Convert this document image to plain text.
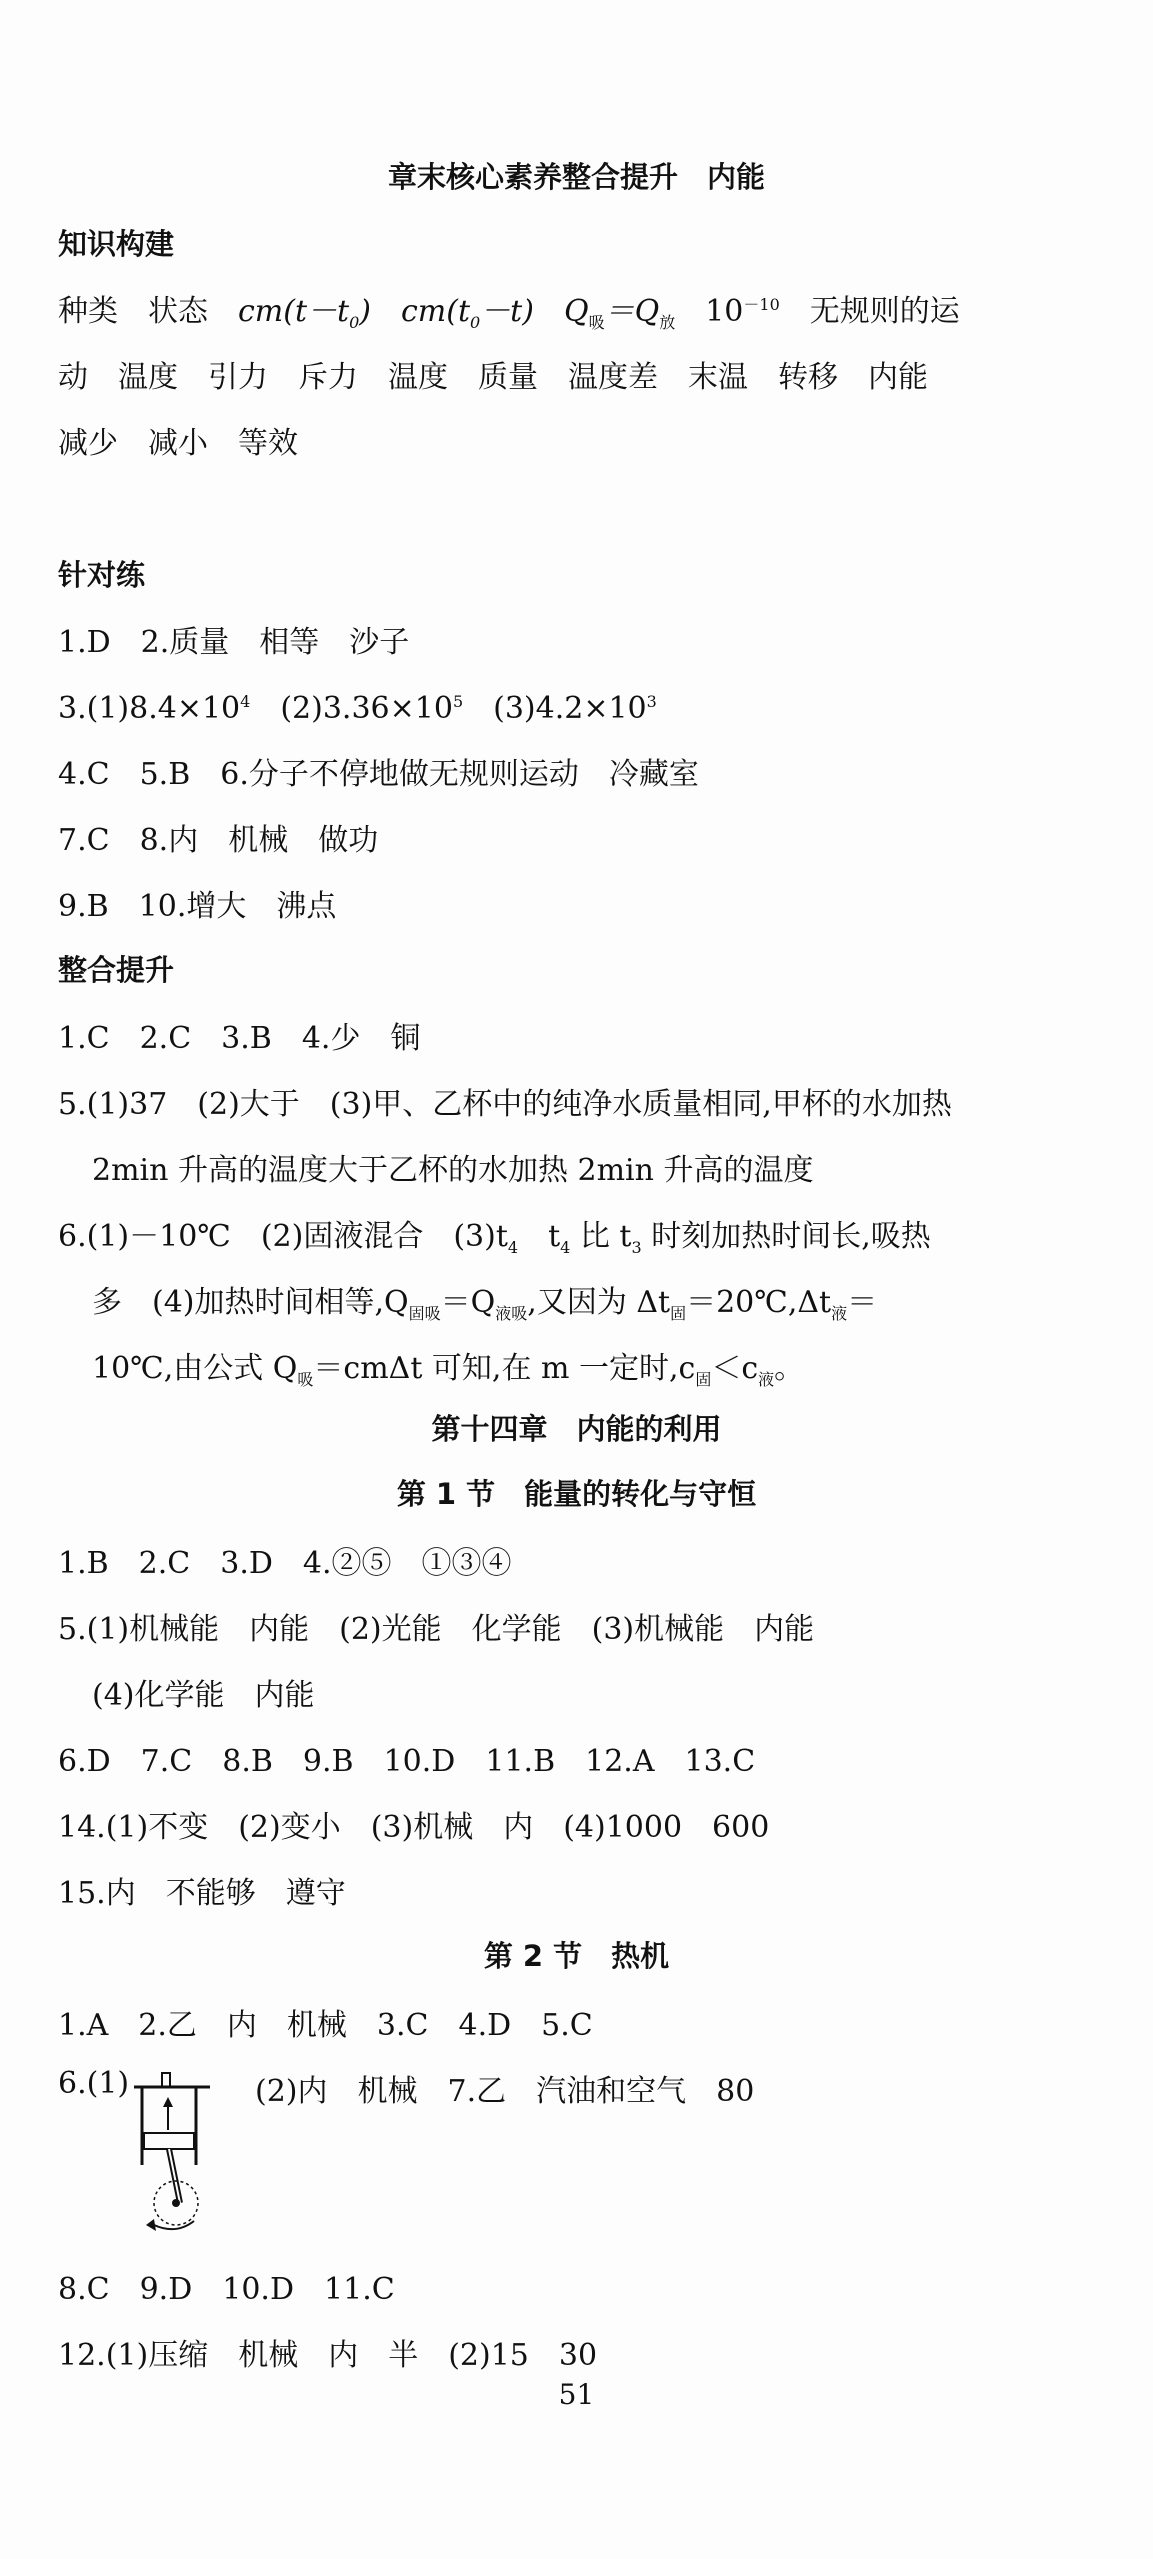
章末核心素养整合提升　内能
知识构建
种类　状态　$cm(t-t_0)$　$cm(t_0-t)$　$Q_吸=Q_放$　$10^{-10}$　无规则的运
动　温度　引力　斥力　温度　质量　温度差　末温　转移　内能
减少　减小　等效
针对练
1.D　2.质量　相等　沙子
$3.(1)8.4\times 10^4$　$(2)3.36\times 10^5$　$(3)4.2\times 10^3$
4.C　5.B　6.分子不停地做无规则运动　冷藏室
7.C　8.内　机械　做功
9.B　10.增大　沸点
整合提升
1.C　2.C　3.B　4.少　铜
5.(1)37　(2)大于　(3)甲、乙杯中的纯净水质量相同,甲杯的水加热
2min 升高的温度大于乙杯的水加热 2min 升高的温度
6.(1)－10℃　(2)固液混合　$(3)t_4$　$t_4$ 比 $t_3$ 时刻加热时间长,吸热
多　(4)加热时间相等$,Q_{固吸}=Q_{液吸}$,又因为 $\Delta t_固=20℃,\Delta t_液=$
10℃,由公式 $Q_吸=cm\Delta t$ 可知,在 m 一定时$,c_固<c_液$。
第十四章　内能的利用
第 1 节　能量的转化与守恒
1.B　2.C　3.D　4.②⑤　①③④
5.(1)机械能　内能　(2)光能　化学能　(3)机械能　内能
(4)化学能　内能
6.D　7.C　8.B　9.B　10.D　11.B　12.A　13.C
14.(1)不变　(2)变小　(3)机械　内　(4)1000　600
15.内　不能够　遵守
第 2 节　热机
1.A　2.乙　内　机械　3.C　4.D　5.C
6.(1)	(2)内　机械　7.乙　汽油和空气　80
8.C　9.D　10.D　11.C
12.(1)压缩　机械　内　半　(2)15　30
51
